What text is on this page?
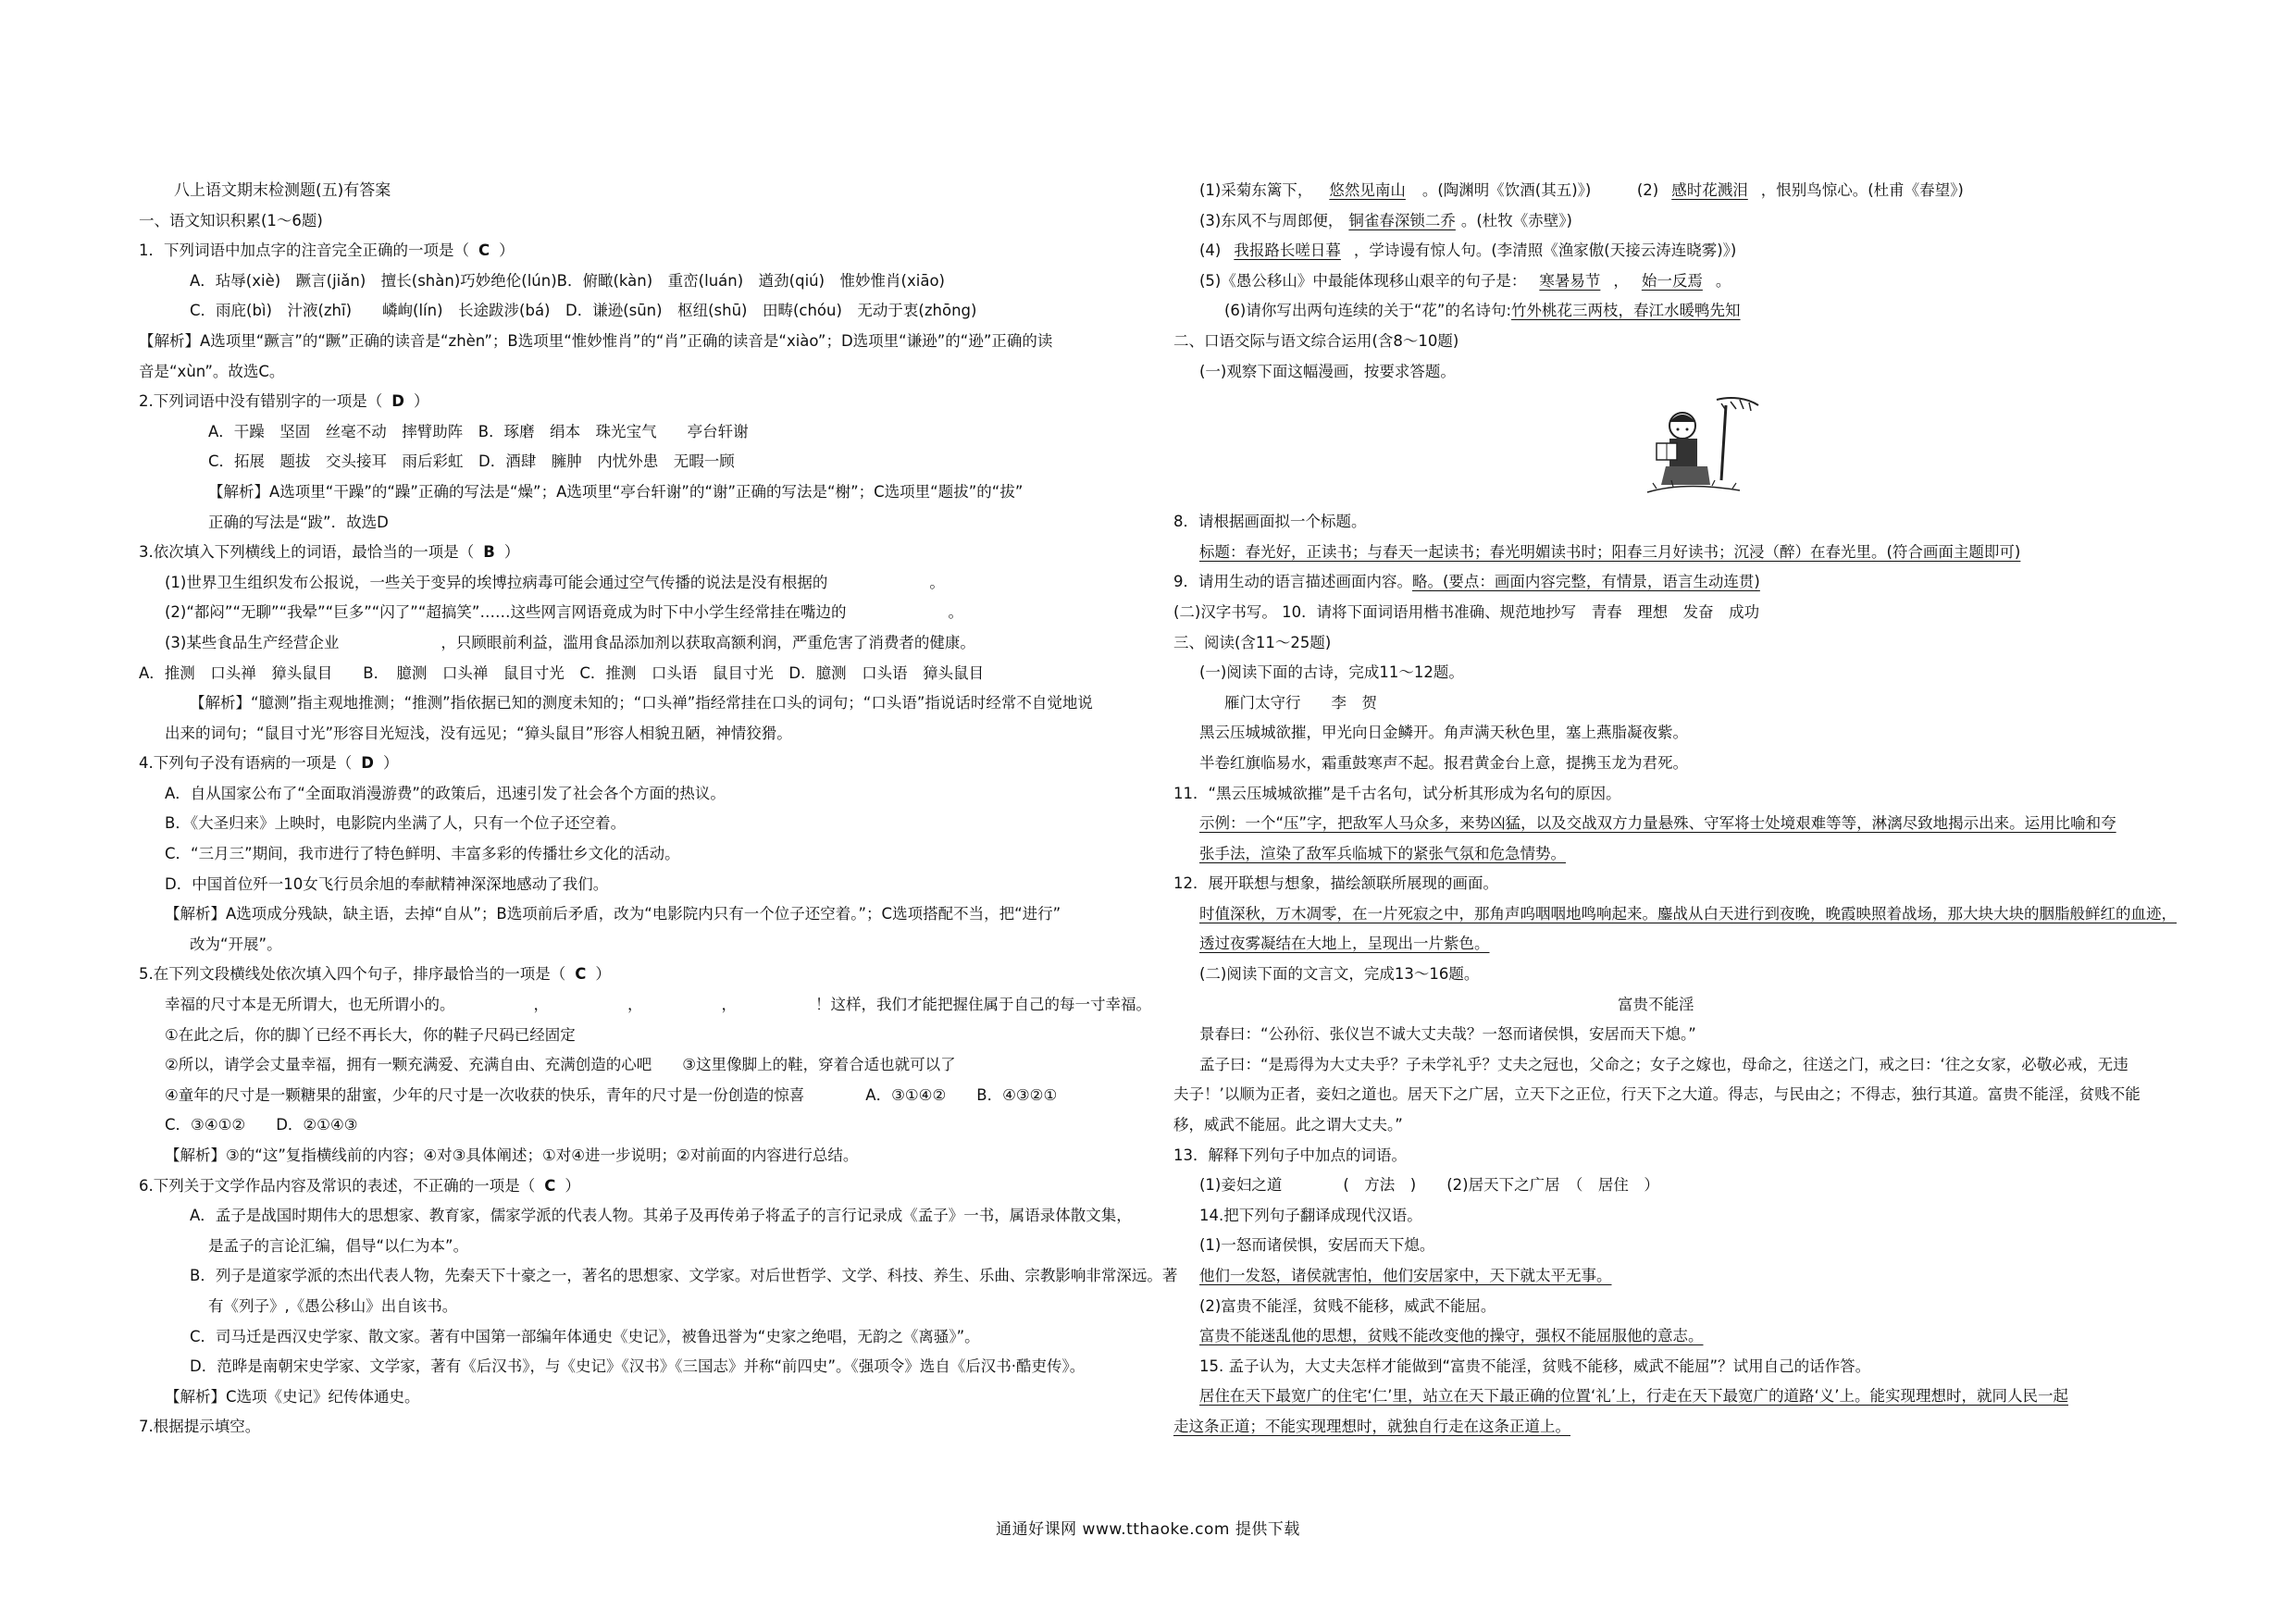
八上语文期末检测题(五)有答案
一、语文知识积累(1～6题)
1．下列词语中加点字的注音完全正确的一项是（ C ）
A．玷辱(xiè)　蹶言(jiǎn)　擅长(shàn)巧妙绝伦(lún)B．俯瞰(kàn)　重峦(luán)　遒劲(qiú)　惟妙惟肖(xiāo)
C．雨庇(bì)　汁液(zhī)　　嶙峋(lín)　长途跋涉(bá)　D．谦逊(sūn)　枢纽(shū)　田畴(chóu)　无动于衷(zhōng)
【解析】A选项里“蹶言”的“蹶”正确的读音是“zhèn”；B选项里“惟妙惟肖”的“肖”正确的读音是“xiào”；D选项里“谦逊”的“逊”正确的读
音是“xùn”。故选C。
2.下列词语中没有错别字的一项是（ D ）
A．干躁　坚固　丝毫不动　摔臂助阵　B．琢磨　绢本　珠光宝气　　亭台轩谢
C．拓展　题拔　交头接耳　雨后彩虹　D．酒肆　臃肿　内忧外患　无暇一顾
【解析】A选项里“干躁”的“躁”正确的写法是“燥”；A选项里“亭台轩谢”的“谢”正确的写法是“榭”；C选项里“题拔”的“拔”
正确的写法是“跋”．故选D
3.依次填入下列横线上的词语，最恰当的一项是（ B ）
(1)世界卫生组织发布公报说，一些关于变异的埃博拉病毒可能会通过空气传播的说法是没有根据的	。
(2)“都闷”“无聊”“我晕”“巨多”“闪了”“超搞笑”……这些网言网语竟成为时下中小学生经常挂在嘴边的	。
(3)某些食品生产经营企业	，只顾眼前利益，滥用食品添加剂以获取高额利润，严重危害了消费者的健康。
A．推测　口头禅　獐头鼠目　　B．　臆测　口头禅　鼠目寸光　C．推测　口头语　鼠目寸光　D．臆测　口头语　獐头鼠目
【解析】“臆测”指主观地推测；“推测”指依据已知的测度未知的；“口头禅”指经常挂在口头的词句；“口头语”指说话时经常不自觉地说
出来的词句；“鼠目寸光”形容目光短浅，没有远见；“獐头鼠目”形容人相貌丑陋，神情狡猾。
4.下列句子没有语病的一项是（ D ）
A．自从国家公布了“全面取消漫游费”的政策后，迅速引发了社会各个方面的热议。
B．《大圣归来》上映时，电影院内坐满了人，只有一个位子还空着。
C．“三月三”期间，我市进行了特色鲜明、丰富多彩的传播壮乡文化的活动。
D．中国首位歼一10女飞行员余旭的奉献精神深深地感动了我们。
【解析】A选项成分残缺，缺主语，去掉“自从”；B选项前后矛盾，改为“电影院内只有一个位子还空着。”；C选项搭配不当，把“进行”
改为“开展”。
5.在下列文段横线处依次填入四个句子，排序最恰当的一项是（ C ）
幸福的尺寸本是无所谓大，也无所谓小的。	，	，	，	！这样，我们才能把握住属于自己的每一寸幸福。
①在此之后，你的脚丫已经不再长大，你的鞋子尺码已经固定
②所以，请学会丈量幸福，拥有一颗充满爱、充满自由、充满创造的心吧　　③这里像脚上的鞋，穿着合适也就可以了
④童年的尺寸是一颗糖果的甜蜜，少年的尺寸是一次收获的快乐，青年的尺寸是一份创造的惊喜　　　　A．③①④②　　B．④③②①
C．③④①②　　D．②①④③
【解析】③的“这”复指横线前的内容；④对③具体阐述；①对④进一步说明；②对前面的内容进行总结。
6.下列关于文学作品内容及常识的表述，不正确的一项是（ C ）
A．孟子是战国时期伟大的思想家、教育家，儒家学派的代表人物。其弟子及再传弟子将孟子的言行记录成《孟子》一书，属语录体散文集，
是孟子的言论汇编，倡导“以仁为本”。
B．列子是道家学派的杰出代表人物，先秦天下十豪之一，著名的思想家、文学家。对后世哲学、文学、科技、养生、乐曲、宗教影响非常深远。著
有《列子》,《愚公移山》出自该书。
C．司马迁是西汉史学家、散文家。著有中国第一部编年体通史《史记》，被鲁迅誉为“史家之绝唱，无韵之《离骚》”。
D．范晔是南朝宋史学家、文学家，著有《后汉书》，与《史记》《汉书》《三国志》并称“前四史”。《强项令》选自《后汉书·酷吏传》。
【解析】C选项《史记》纪传体通史。
7.根据提示填空。
(1)采菊东篱下， 悠然见南山 。(陶渊明《饮酒(其五)》)　　　(2) 感时花溅泪 ，恨别鸟惊心。(杜甫《春望》)
(3)东风不与周郎便， 铜雀春深锁二乔 。(杜牧《赤壁》)
(4) 我报路长嗟日暮 ，学诗谩有惊人句。(李清照《渔家傲(天接云涛连晓雾)》)
(5)《愚公移山》中最能体现移山艰辛的句子是： 寒暑易节 ， 始一反焉 。
(6)请你写出两句连续的关于“花”的名诗句:竹外桃花三两枝，春江水暖鸭先知
二、口语交际与语文综合运用(含8～10题)
(一)观察下面这幅漫画，按要求答题。
8．请根据画面拟一个标题。
标题：春光好，正读书；与春天一起读书；春光明媚读书时；阳春三月好读书；沉浸（醉）在春光里。(符合画面主题即可)
9．请用生动的语言描述画面内容。略。(要点：画面内容完整，有情景，语言生动连贯)
(二)汉字书写。 10．请将下面词语用楷书准确、规范地抄写　青春　理想　发奋　成功
三、阅读(含11～25题)
(一)阅读下面的古诗，完成11～12题。
雁门太守行　　李　贺
黑云压城城欲摧，甲光向日金鳞开。角声满天秋色里，塞上燕脂凝夜紫。
半卷红旗临易水，霜重鼓寒声不起。报君黄金台上意，提携玉龙为君死。
11．“黑云压城城欲摧”是千古名句，试分析其形成为名句的原因。
示例：一个“压”字，把敌军人马众多，来势凶猛，以及交战双方力量悬殊、守军将士处境艰难等等，淋漓尽致地揭示出来。运用比喻和夸
张手法，渲染了敌军兵临城下的紧张气氛和危急情势。
12．展开联想与想象，描绘颔联所展现的画面。
时值深秋，万木凋零，在一片死寂之中，那角声呜咽咽地鸣响起来。鏖战从白天进行到夜晚，晚霞映照着战场，那大块大块的胭脂般鲜红的血迹，
透过夜雾凝结在大地上，呈现出一片紫色。
(二)阅读下面的文言文，完成13～16题。
富贵不能淫
景春曰：“公孙衍、张仪岂不诚大丈夫哉？一怒而诸侯惧，安居而天下熄。”
孟子曰：“是焉得为大丈夫乎？子未学礼乎？丈夫之冠也，父命之；女子之嫁也，母命之，往送之门，戒之曰：‘往之女家，必敬必戒，无违
夫子！’以顺为正者，妾妇之道也。居天下之广居，立天下之正位，行天下之大道。得志，与民由之；不得志，独行其道。富贵不能淫，贫贱不能
移，威武不能屈。此之谓大丈夫。”
13．解释下列句子中加点的词语。
(1)妾妇之道　　　　(　方法　)　　(2)居天下之广居　（　居住　）
14.把下列句子翻译成现代汉语。
(1)一怒而诸侯惧，安居而天下熄。
他们一发怒，诸侯就害怕，他们安居家中，天下就太平无事。
(2)富贵不能淫，贫贱不能移，威武不能屈。
富贵不能迷乱他的思想，贫贱不能改变他的操守，强权不能屈服他的意志。
15. 孟子认为，大丈夫怎样才能做到“富贵不能淫，贫贱不能移，威武不能屈”？试用自己的话作答。
居住在天下最宽广的住宅‘仁’里，站立在天下最正确的位置‘礼’上，行走在天下最宽广的道路‘义’上。能实现理想时，就同人民一起
走这条正道；不能实现理想时，就独自行走在这条正道上。
通通好课网 www.tthaoke.com 提供下载
